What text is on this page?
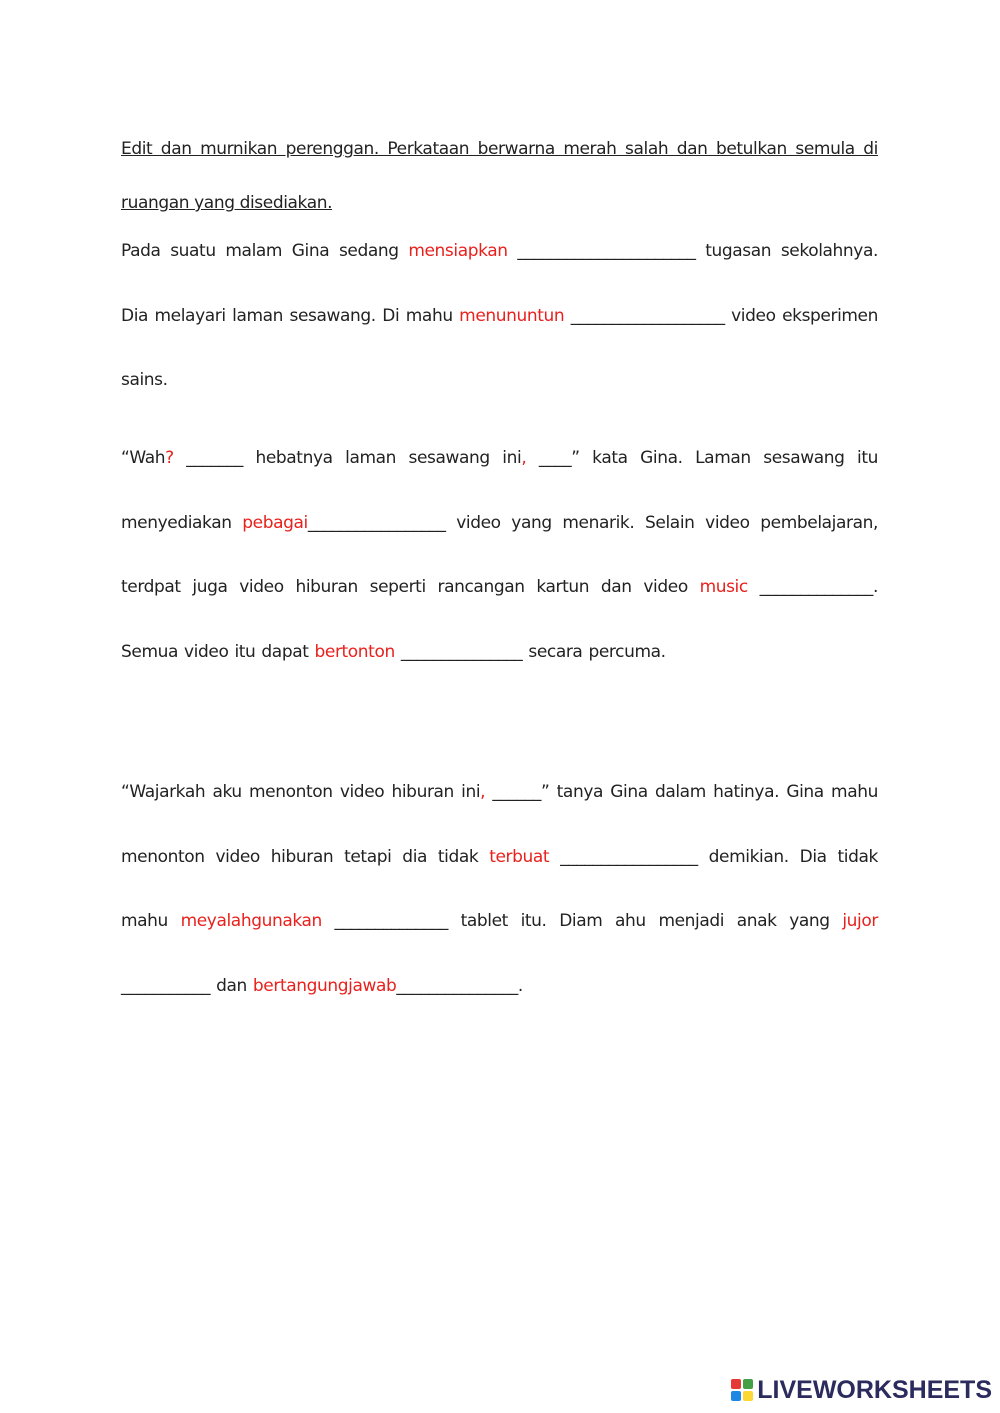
Edit dan murnikan perenggan. Perkataan berwarna merah salah dan betulkan semula di ruangan yang disediakan.
Pada suatu malam Gina sedang mensiapkan ______________________ tugasan sekolahnya. Dia melayari laman sesawang. Di mahu menununtun ___________________ video eksperimen sains.
“Wah? _______ hebatnya laman sesawang ini, ____” kata Gina. Laman sesawang itu menyediakan pebagai_________________ video yang menarik. Selain video pembelajaran, terdpat juga video hiburan seperti rancangan kartun dan video music ______________. Semua video itu dapat bertonton _______________ secara percuma.
“Wajarkah aku menonton video hiburan ini, ______” tanya Gina dalam hatinya. Gina mahu menonton video hiburan tetapi dia tidak terbuat _________________ demikian. Dia tidak mahu meyalahgunakan ______________ tablet itu. Diam ahu menjadi anak yang jujor ___________ dan bertangungjawab_______________.
LIVEWORKSHEETS
